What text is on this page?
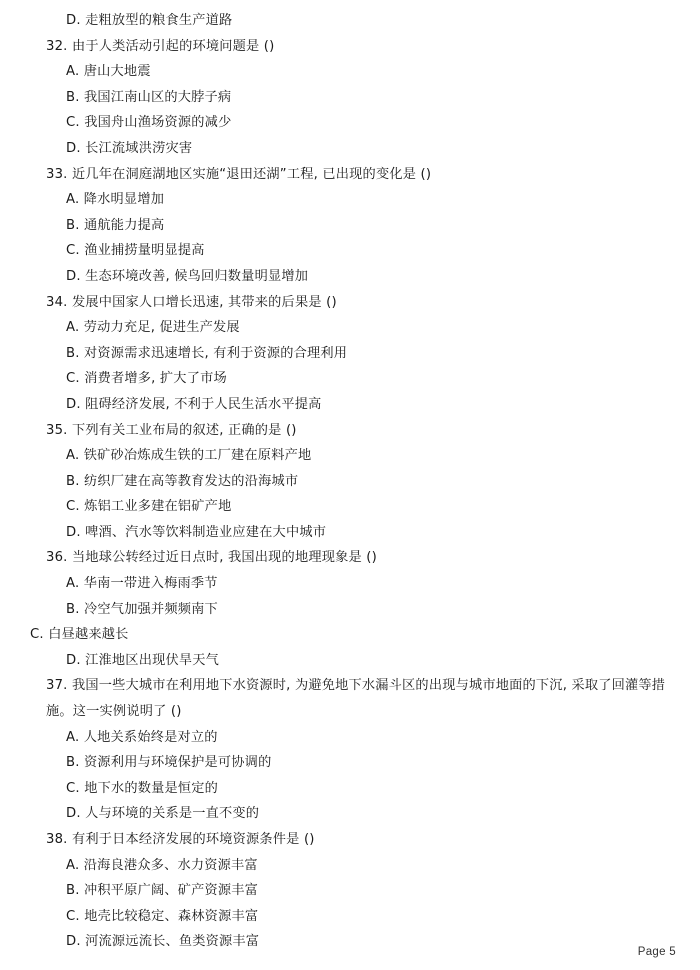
D. 走粗放型的粮食生产道路
32. 由于人类活动引起的环境问题是 ()
A. 唐山大地震
B. 我国江南山区的大脖子病
C. 我国舟山渔场资源的减少
D. 长江流域洪涝灾害
33. 近几年在洞庭湖地区实施“退田还湖”工程, 已出现的变化是 ()
A. 降水明显增加
B. 通航能力提高
C. 渔业捕捞量明显提高
D. 生态环境改善, 候鸟回归数量明显增加
34. 发展中国家人口增长迅速, 其带来的后果是 ()
A. 劳动力充足, 促进生产发展
B. 对资源需求迅速增长, 有利于资源的合理利用
C. 消费者增多, 扩大了市场
D. 阻碍经济发展, 不利于人民生活水平提高
35. 下列有关工业布局的叙述, 正确的是 ()
A. 铁矿砂冶炼成生铁的工厂建在原料产地
B. 纺织厂建在高等教育发达的沿海城市
C. 炼铝工业多建在铝矿产地
D. 啤酒、汽水等饮料制造业应建在大中城市
36. 当地球公转经过近日点时, 我国出现的地理现象是 ()
A. 华南一带进入梅雨季节
B. 冷空气加强并频频南下
C. 白昼越来越长
D. 江淮地区出现伏旱天气
37. 我国一些大城市在利用地下水资源时, 为避免地下水漏斗区的出现与城市地面的下沉, 采取了回灌等措
施。这一实例说明了 ()
A. 人地关系始终是对立的
B. 资源利用与环境保护是可协调的
C. 地下水的数量是恒定的
D. 人与环境的关系是一直不变的
38. 有利于日本经济发展的环境资源条件是 ()
A. 沿海良港众多、水力资源丰富
B. 冲积平原广阔、矿产资源丰富
C. 地壳比较稳定、森林资源丰富
D. 河流源远流长、鱼类资源丰富
Page 5
